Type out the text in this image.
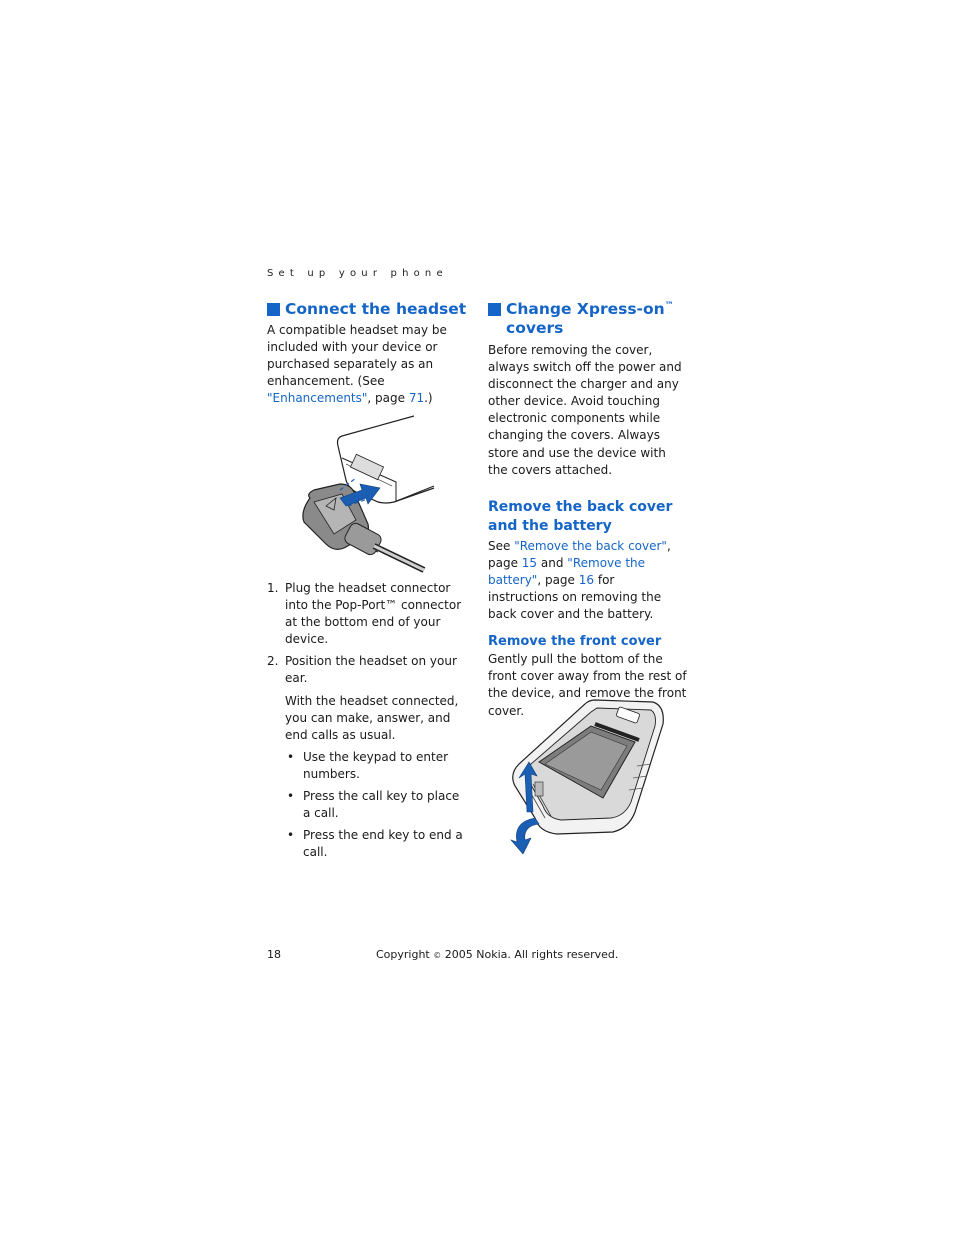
Set up your phone
Connect the headset

A compatible headset may be included with your device or purchased separately as an enhancement. (See "Enhancements", page 71.)

1. Plug the headset connector into the Pop-Port™ connector at the bottom end of your device.
2. Position the headset on your ear.

With the headset connected, you can make, answer, and end calls as usual.

• Use the keypad to enter numbers.
• Press the call key to place a call.
• Press the end key to end a call.
Change Xpress-on™
covers

Before removing the cover, always switch off the power and disconnect the charger and any other device. Avoid touching electronic components while changing the covers. Always store and use the device with the covers attached.

Remove the back cover and the battery

See "Remove the back cover", page 15 and "Remove the battery", page 16 for instructions on removing the back cover and the battery.

Remove the front cover

Gently pull the bottom of the front cover away from the rest of the device, and remove the front cover.

18	Copyright © 2005 Nokia. All rights reserved.
